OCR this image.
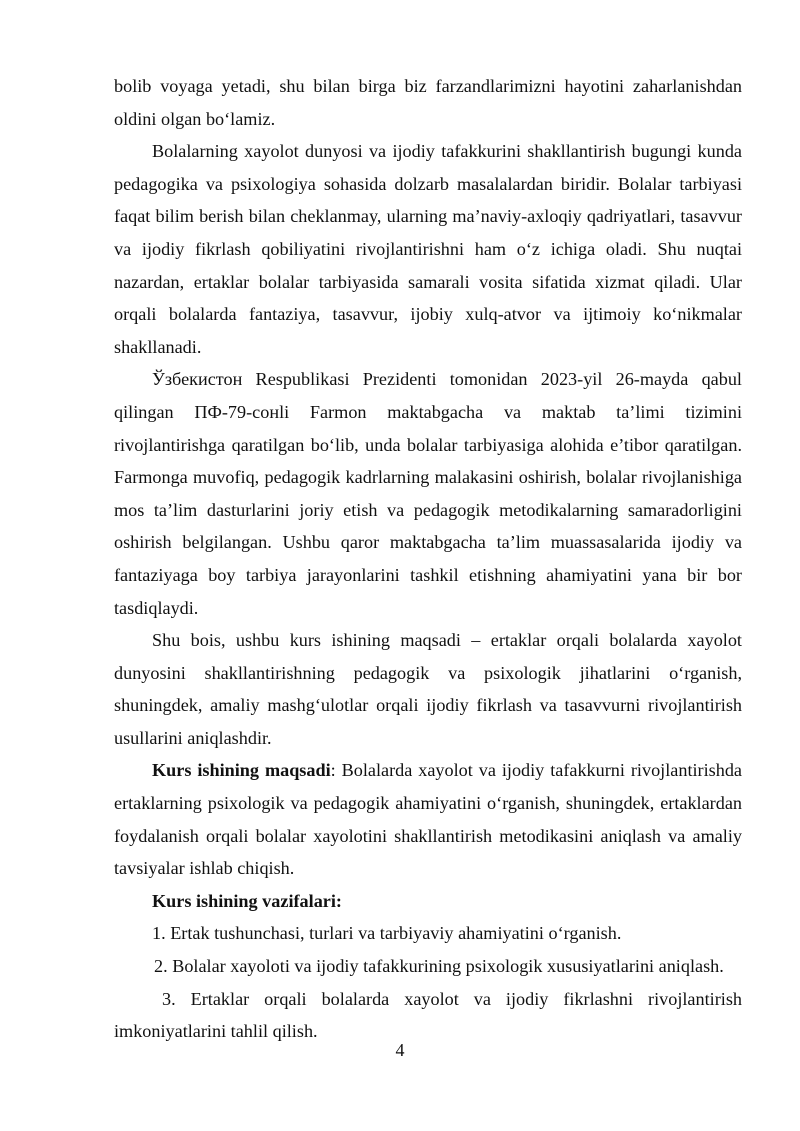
bolib voyaga yetadi, shu bilan birga biz farzandlarimizni hayotini zaharlanishdan oldini olgan bo‘lamiz.

Bolalarning xayolot dunyosi va ijodiy tafakkurini shakllantirish bugungi kunda pedagogika va psixologiya sohasida dolzarb masalalardan biridir. Bolalar tarbiyasi faqat bilim berish bilan cheklanmay, ularning ma’naviy-axloqiy qadriyatlari, tasavvur va ijodiy fikrlash qobiliyatini rivojlantirishni ham o‘z ichiga oladi. Shu nuqtai nazardan, ertaklar bolalar tarbiyasida samarali vosita sifatida xizmat qiladi. Ular orqali bolalarda fantaziya, tasavvur, ijobiy xulq-atvor va ijtimoiy ko‘nikmalar shakllanadi.

Ўзбекистон Respublikasi Prezidenti tomonidan 2023-yil 26-mayda qabul qilingan ПФ-79-сонli Farmon maktabgacha va maktab ta’limi tizimini rivojlantirishga qaratilgan bo‘lib, unda bolalar tarbiyasiga alohida e’tibor qaratilgan. Farmonga muvofiq, pedagogik kadrlarning malakasini oshirish, bolalar rivojlanishiga mos ta’lim dasturlarini joriy etish va pedagogik metodikalarning samaradorligini oshirish belgilangan. Ushbu qaror maktabgacha ta’lim muassasalarida ijodiy va fantaziyaga boy tarbiya jarayonlarini tashkil etishning ahamiyatini yana bir bor tasdiqlaydi.

Shu bois, ushbu kurs ishining maqsadi – ertaklar orqali bolalarda xayolot dunyosini shakllantirishning pedagogik va psixologik jihatlarini o‘rganish, shuningdek, amaliy mashg‘ulotlar orqali ijodiy fikrlash va tasavvurni rivojlantirish usullarini aniqlashdir.

Kurs ishining maqsadi: Bolalarda xayolot va ijodiy tafakkurni rivojlantirishda ertaklarning psixologik va pedagogik ahamiyatini o‘rganish, shuningdek, ertaklardan foydalanish orqali bolalar xayolotini shakllantirish metodikasini aniqlash va amaliy tavsiyalar ishlab chiqish.

Kurs ishining vazifalari:

1. Ertak tushunchasi, turlari va tarbiyaviy ahamiyatini o‘rganish.

2. Bolalar xayoloti va ijodiy tafakkurining psixologik xususiyatlarini aniqlash.

3. Ertaklar orqali bolalarda xayolot va ijodiy fikrlashni rivojlantirish imkoniyatlarini tahlil qilish.

4
